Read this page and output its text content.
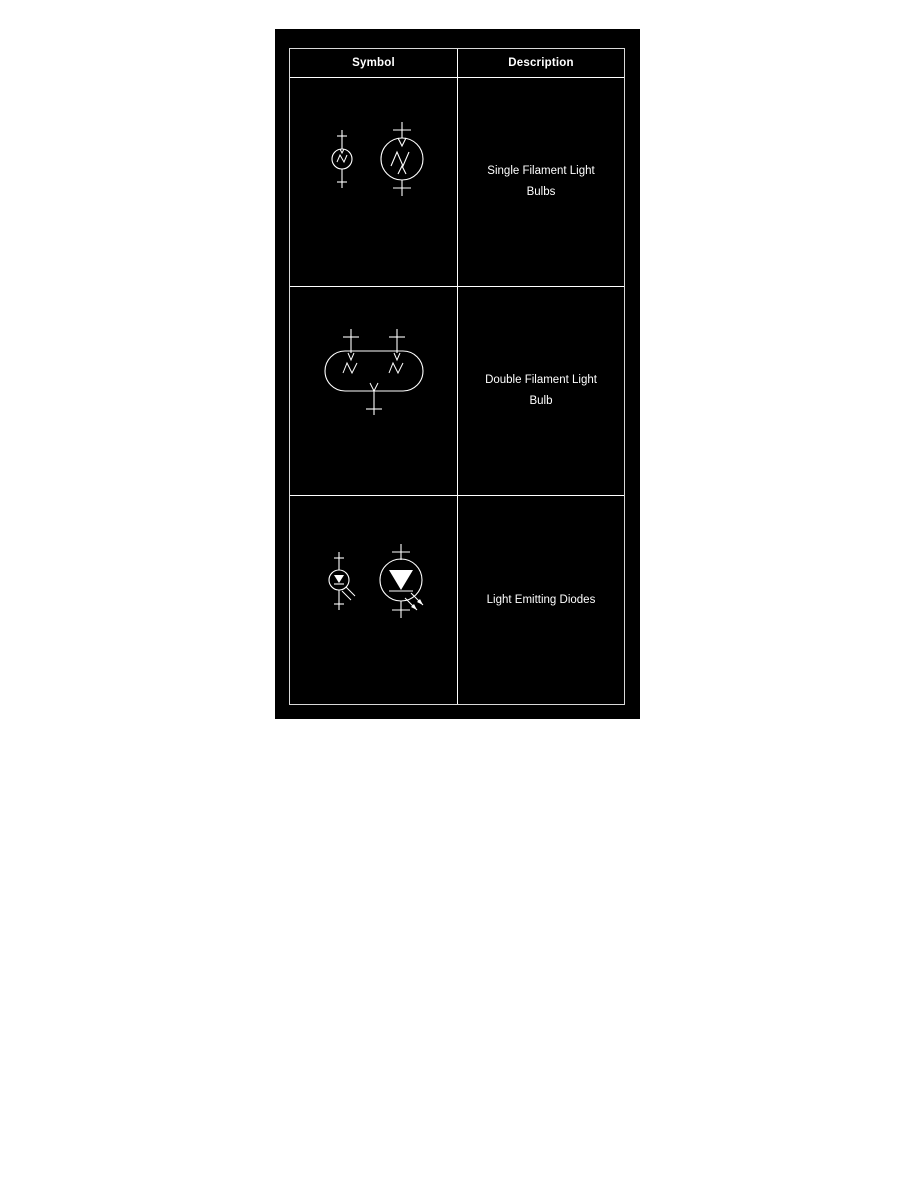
Symbol	Description
Single Filament Light Bulbs
Double Filament Light Bulb
Light Emitting Diodes
